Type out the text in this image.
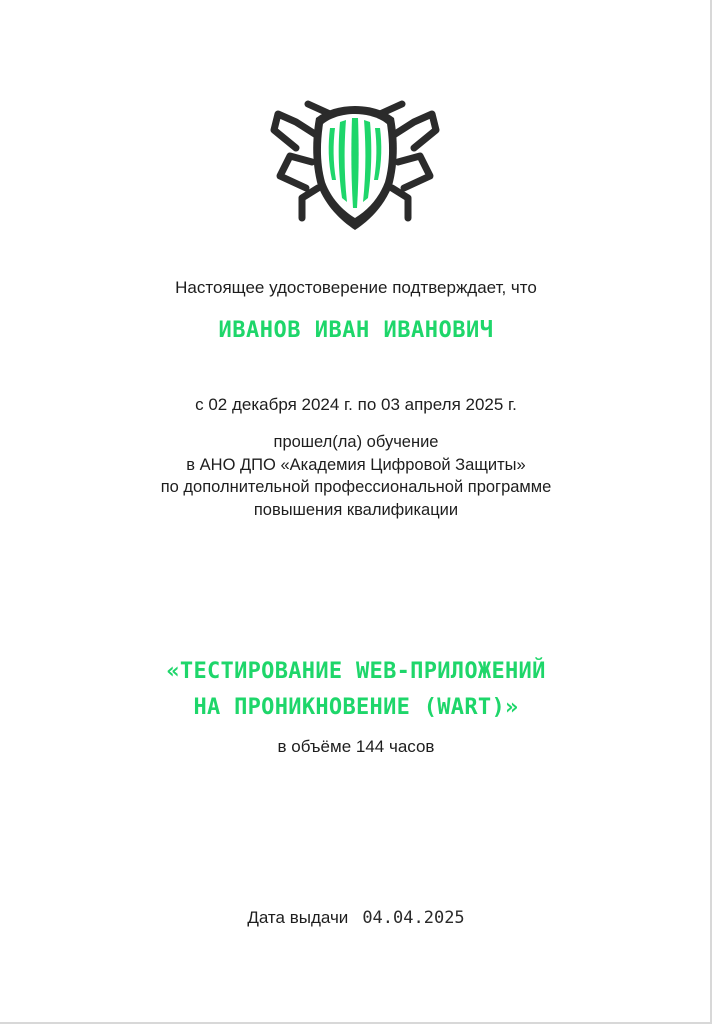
Настоящее удостоверение подтверждает, что
ИВАНОВ ИВАН ИВАНОВИЧ
с 02 декабря 2024 г. по 03 апреля 2025 г.
прошел(ла) обучение
в АНО ДПО «Академия Цифровой Защиты»
по дополнительной профессиональной программе
повышения квалификации
«ТЕСТИРОВАНИЕ WEB-ПРИЛОЖЕНИЙ
НА ПРОНИКНОВЕНИЕ (WART)»
в объёме 144 часов
Дата выдачи 04.04.2025
